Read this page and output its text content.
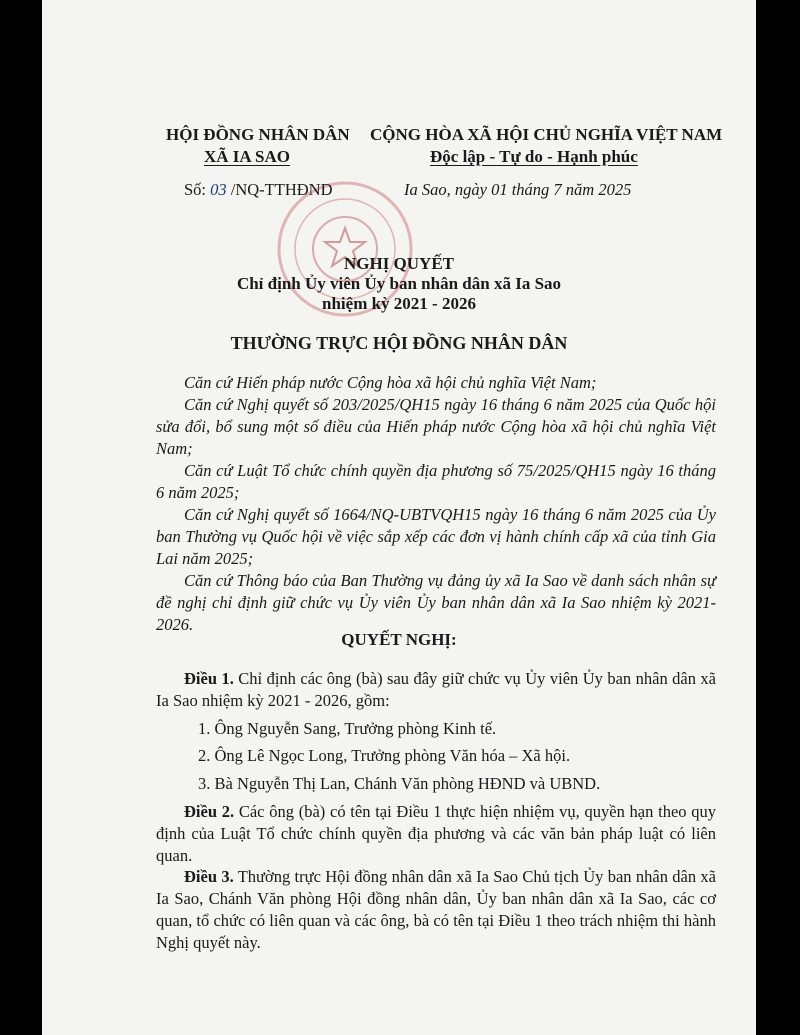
HỘI ĐỒNG NHÂN DÂN
XÃ IA SAO
CỘNG HÒA XÃ HỘI CHỦ NGHĨA VIỆT NAM
Độc lập - Tự do - Hạnh phúc
Số: 03 /NQ-TTHĐND	Ia Sao, ngày 01 tháng 7 năm 2025
NGHỊ QUYẾT
Chỉ định Ủy viên Ủy ban nhân dân xã Ia Sao
nhiệm kỳ 2021 - 2026
THƯỜNG TRỰC HỘI ĐỒNG NHÂN DÂN
Căn cứ Hiến pháp nước Cộng hòa xã hội chủ nghĩa Việt Nam;
Căn cứ Nghị quyết số 203/2025/QH15 ngày 16 tháng 6 năm 2025 của Quốc hội sửa đổi, bổ sung một số điều của Hiến pháp nước Cộng hòa xã hội chủ nghĩa Việt Nam;
Căn cứ Luật Tổ chức chính quyền địa phương số 75/2025/QH15 ngày 16 tháng 6 năm 2025;
Căn cứ Nghị quyết số 1664/NQ-UBTVQH15 ngày 16 tháng 6 năm 2025 của Ủy ban Thường vụ Quốc hội về việc sắp xếp các đơn vị hành chính cấp xã của tỉnh Gia Lai năm 2025;
Căn cứ Thông báo của Ban Thường vụ đảng ủy xã Ia Sao về danh sách nhân sự đề nghị chỉ định giữ chức vụ Ủy viên Ủy ban nhân dân xã Ia Sao nhiệm kỳ 2021-2026.
QUYẾT NGHỊ:
Điều 1. Chỉ định các ông (bà) sau đây giữ chức vụ Ủy viên Ủy ban nhân dân xã Ia Sao nhiệm kỳ 2021 - 2026, gồm:
1. Ông Nguyễn Sang, Trưởng phòng Kinh tế.
2. Ông Lê Ngọc Long, Trưởng phòng Văn hóa – Xã hội.
3. Bà Nguyễn Thị Lan, Chánh Văn phòng HĐND và UBND.
Điều 2. Các ông (bà) có tên tại Điều 1 thực hiện nhiệm vụ, quyền hạn theo quy định của Luật Tổ chức chính quyền địa phương và các văn bản pháp luật có liên quan.
Điều 3. Thường trực Hội đồng nhân dân xã Ia Sao Chủ tịch Ủy ban nhân dân xã Ia Sao, Chánh Văn phòng Hội đồng nhân dân, Ủy ban nhân dân xã Ia Sao, các cơ quan, tổ chức có liên quan và các ông, bà có tên tại Điều 1 theo trách nhiệm thi hành Nghị quyết này.
